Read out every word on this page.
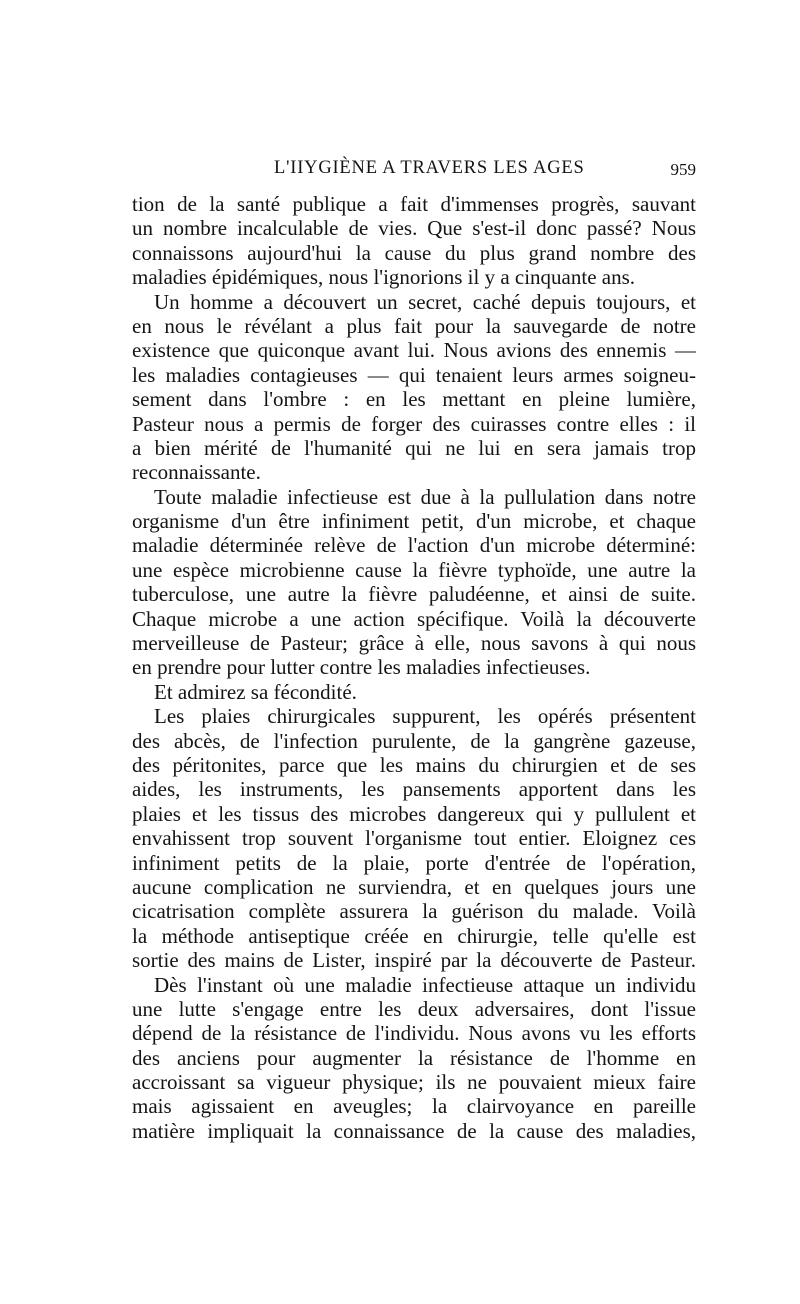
L'IIYGIÈNE A TRAVERS LES AGES	959
tion de la santé publique a fait d'immenses progrès, sauvant
un nombre incalculable de vies. Que s'est-il donc passé? Nous
connaissons aujourd'hui la cause du plus grand nombre des
maladies épidémiques, nous l'ignorions il y a cinquante ans.
Un homme a découvert un secret, caché depuis toujours, et
en nous le révélant a plus fait pour la sauvegarde de notre
existence que quiconque avant lui. Nous avions des ennemis —
les maladies contagieuses — qui tenaient leurs armes soigneu-
sement dans l'ombre : en les mettant en pleine lumière,
Pasteur nous a permis de forger des cuirasses contre elles : il
a bien mérité de l'humanité qui ne lui en sera jamais trop
reconnaissante.
Toute maladie infectieuse est due à la pullulation dans notre
organisme d'un être infiniment petit, d'un microbe, et chaque
maladie déterminée relève de l'action d'un microbe déterminé:
une espèce microbienne cause la fièvre typhoïde, une autre la
tuberculose, une autre la fièvre paludéenne, et ainsi de suite.
Chaque microbe a une action spécifique. Voilà la découverte
merveilleuse de Pasteur; grâce à elle, nous savons à qui nous
en prendre pour lutter contre les maladies infectieuses.
Et admirez sa fécondité.
Les plaies chirurgicales suppurent, les opérés présentent
des abcès, de l'infection purulente, de la gangrène gazeuse,
des péritonites, parce que les mains du chirurgien et de ses
aides, les instruments, les pansements apportent dans les
plaies et les tissus des microbes dangereux qui y pullulent et
envahissent trop souvent l'organisme tout entier. Eloignez ces
infiniment petits de la plaie, porte d'entrée de l'opération,
aucune complication ne surviendra, et en quelques jours une
cicatrisation complète assurera la guérison du malade. Voilà
la méthode antiseptique créée en chirurgie, telle qu'elle est
sortie des mains de Lister, inspiré par la découverte de Pasteur.
Dès l'instant où une maladie infectieuse attaque un individu
une lutte s'engage entre les deux adversaires, dont l'issue
dépend de la résistance de l'individu. Nous avons vu les efforts
des anciens pour augmenter la résistance de l'homme en
accroissant sa vigueur physique; ils ne pouvaient mieux faire
mais agissaient en aveugles; la clairvoyance en pareille
matière impliquait la connaissance de la cause des maladies,
